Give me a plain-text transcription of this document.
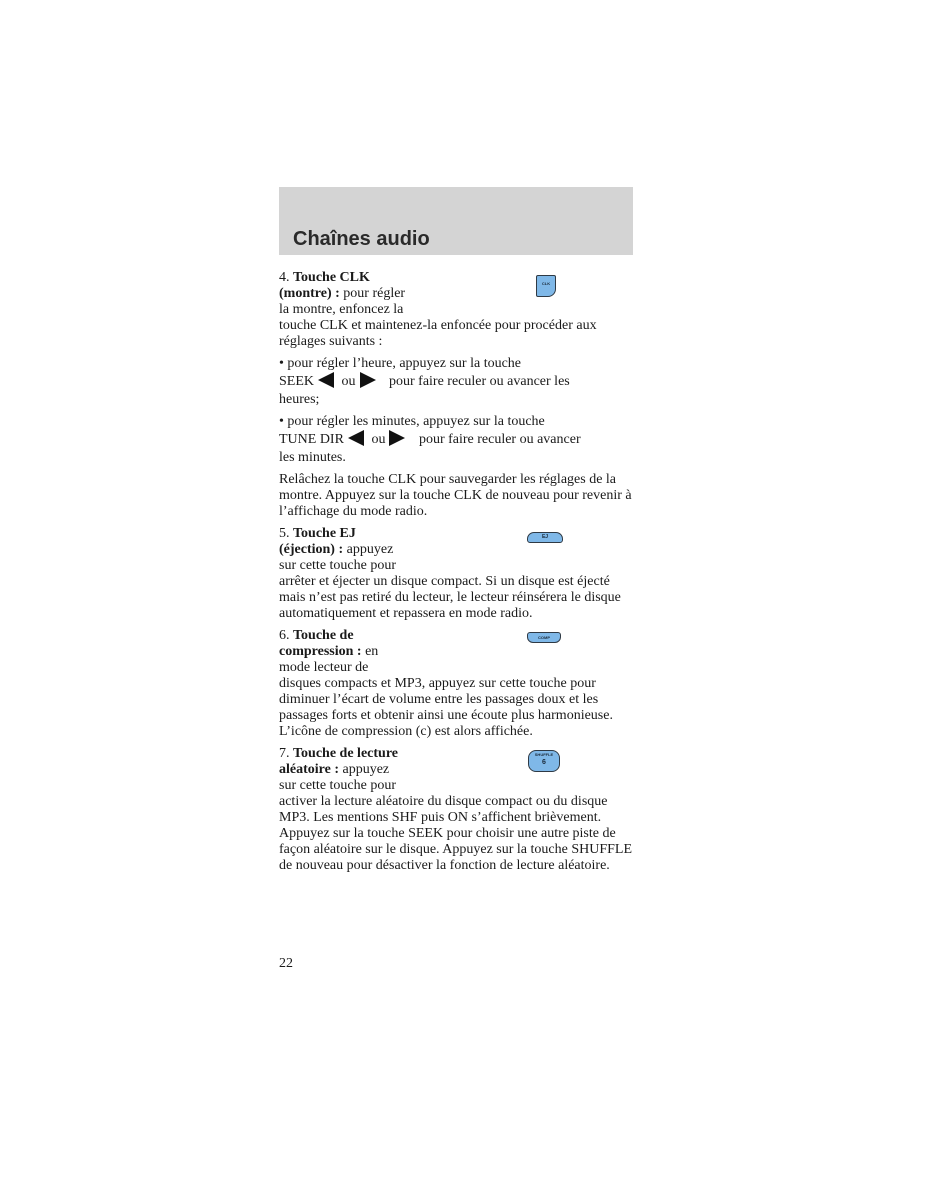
Chaînes audio
4. Touche CLK
(montre) : pour régler
la montre, enfoncez la
CLK

touche CLK et maintenez-la enfoncée pour procéder aux réglages suivants :

• pour régler l’heure, appuyez sur la touche
SEEK ou pour faire reculer ou avancer les
heures;
• pour régler les minutes, appuyez sur la touche
TUNE DIR ou pour faire reculer ou avancer
les minutes.

Relâchez la touche CLK pour sauvegarder les réglages de la montre. Appuyez sur la touche CLK de nouveau pour revenir à l’affichage du mode radio.

5. Touche EJ
(éjection) : appuyez
sur cette touche pour
EJ

arrêter et éjecter un disque compact. Si un disque est éjecté mais n’est pas retiré du lecteur, le lecteur réinsérera le disque automatiquement et repassera en mode radio.

6. Touche de
compression : en
mode lecteur de
COMP

disques compacts et MP3, appuyez sur cette touche pour diminuer l’écart de volume entre les passages doux et les passages forts et obtenir ainsi une écoute plus harmonieuse. L’icône de compression (c) est alors affichée.

7. Touche de lecture
aléatoire : appuyez
sur cette touche pour
SHUFFLE
6

activer la lecture aléatoire du disque compact ou du disque MP3. Les mentions SHF puis ON s’affichent brièvement. Appuyez sur la touche SEEK pour choisir une autre piste de façon aléatoire sur le disque. Appuyez sur la touche SHUFFLE de nouveau pour désactiver la fonction de lecture aléatoire.

22
